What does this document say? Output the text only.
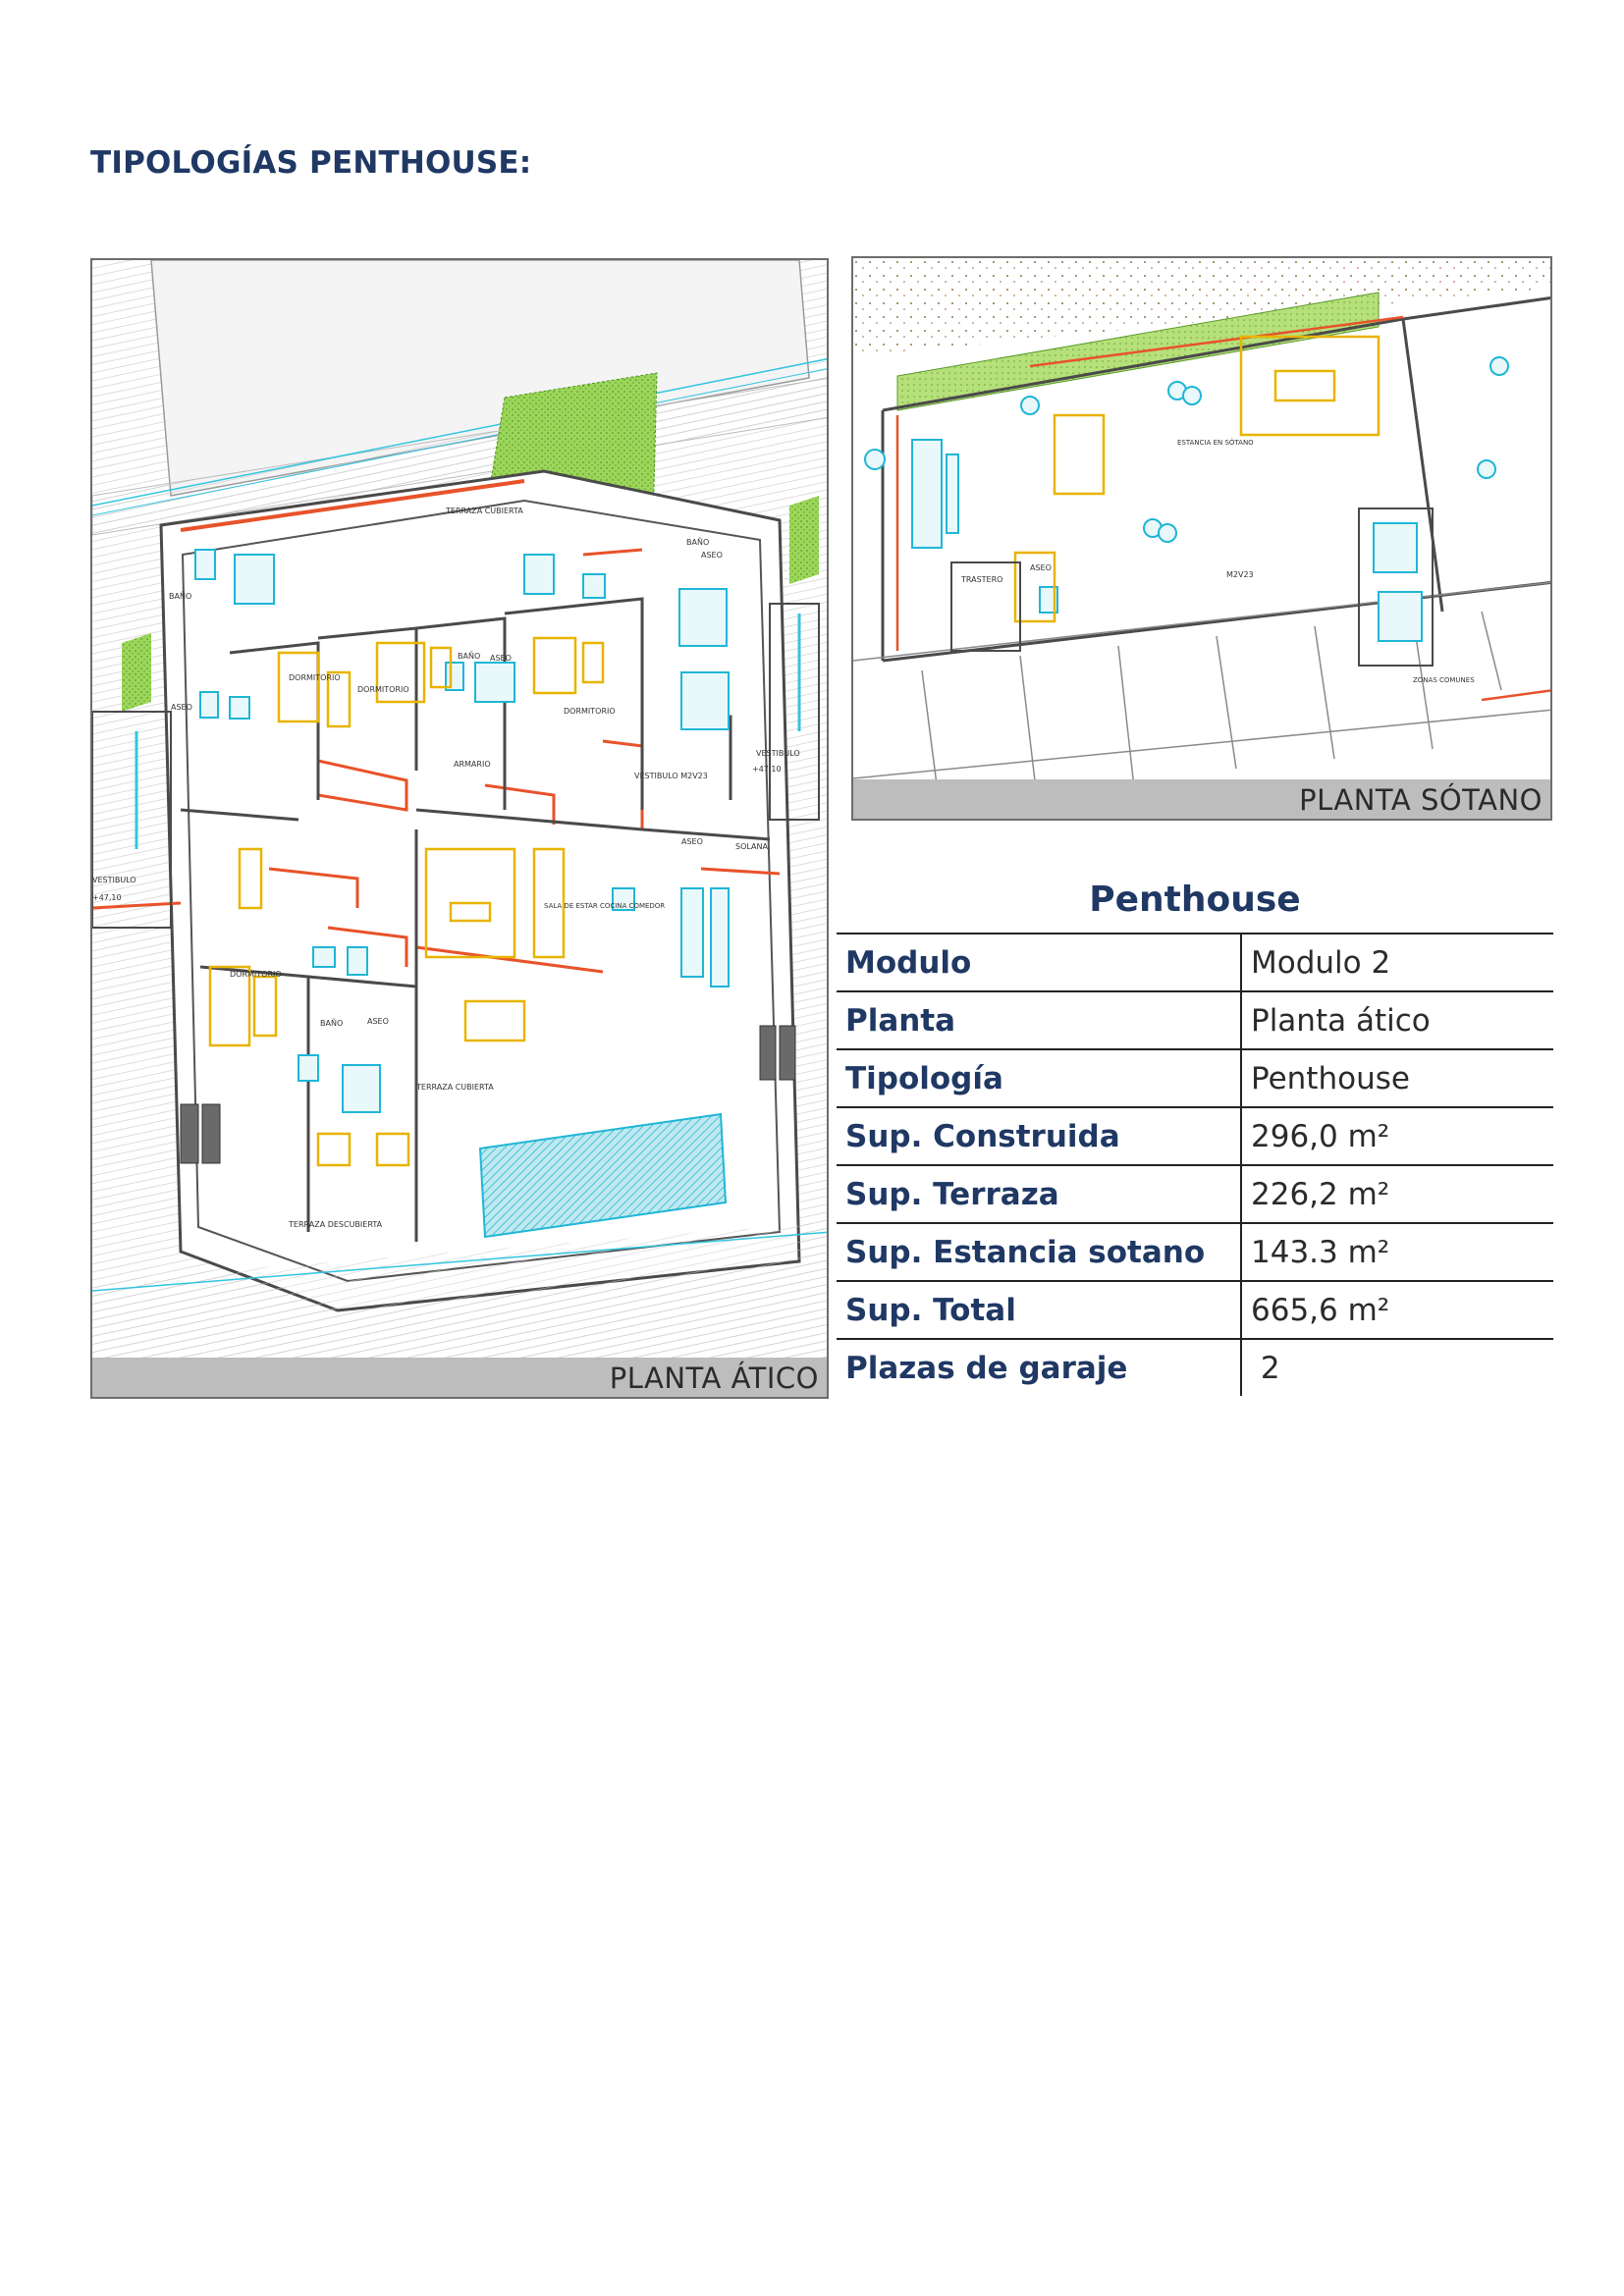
TIPOLOGÍAS PENTHOUSE:
TERRAZA CUBIERTA
BAÑO
BAÑO
BAÑO
BAÑO
ASEO
ASEO
ASEO
ASEO
DORMITORIO
DORMITORIO
DORMITORIO
DORMITORIO
ARMARIO
VESTIBULO M2V23
VESTIBULO
+47,10
VESTIBULO
+47,10
SOLANA
ASEO
SALA DE ESTAR COCINA COMEDOR
TERRAZA CUBIERTA
TERRAZA DESCUBIERTA
PLANTA ÁTICO
ESTANCIA EN SÓTANO
TRASTERO
ASEO
M2V23
ZONAS COMUNES
PLANTA SÓTANO
Penthouse
Modulo	Modulo 2
Planta	Planta ático
Tipología	Penthouse
Sup. Construida	296,0 m²
Sup. Terraza	226,2 m²
Sup. Estancia sotano	143.3 m²
Sup. Total	665,6 m²
Plazas de garaje	2
